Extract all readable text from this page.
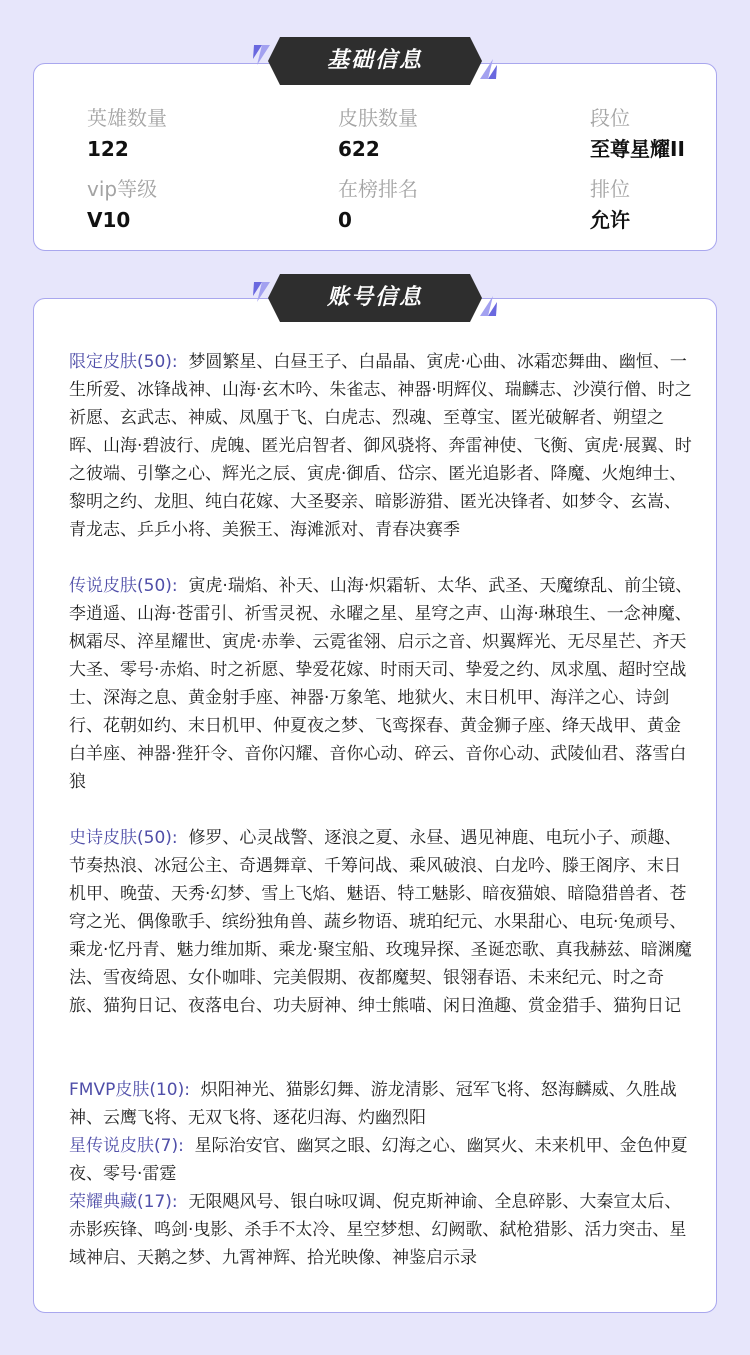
基础信息
英雄数量
122
皮肤数量
622
段位
至尊星耀II
vip等级
V10
在榜排名
0
排位
允许
账号信息
限定皮肤(50): 梦圆繁星、白昼王子、白晶晶、寅虎·心曲、冰霜恋舞曲、幽恒、一生所爱、冰锋战神、山海·玄木吟、朱雀志、神器·明辉仪、瑞麟志、沙漠行僧、时之祈愿、玄武志、神威、凤凰于飞、白虎志、烈魂、至尊宝、匿光破解者、朔望之晖、山海·碧波行、虎魄、匿光启智者、御风骁将、奔雷神使、飞衡、寅虎·展翼、时之彼端、引擎之心、辉光之辰、寅虎·御盾、岱宗、匿光追影者、降魔、火炮绅士、黎明之约、龙胆、纯白花嫁、大圣娶亲、暗影游猎、匿光决锋者、如梦令、玄嵩、青龙志、乒乒小将、美猴王、海滩派对、青春决赛季
传说皮肤(50): 寅虎·瑞焰、补天、山海·炽霜斩、太华、武圣、天魔缭乱、前尘镜、李逍遥、山海·苍雷引、祈雪灵祝、永曜之星、星穹之声、山海·琳琅生、一念神魔、枫霜尽、淬星耀世、寅虎·赤拳、云霓雀翎、启示之音、炽翼辉光、无尽星芒、齐天大圣、零号·赤焰、时之祈愿、挚爱花嫁、时雨天司、挚爱之约、凤求凰、超时空战士、深海之息、黄金射手座、神器·万象笔、地狱火、末日机甲、海洋之心、诗剑行、花朝如约、末日机甲、仲夏夜之梦、飞鸾探春、黄金狮子座、绛天战甲、黄金白羊座、神器·狴犴令、音你闪耀、音你心动、碎云、音你心动、武陵仙君、落雪白狼
史诗皮肤(50): 修罗、心灵战警、逐浪之夏、永昼、遇见神鹿、电玩小子、顽趣、节奏热浪、冰冠公主、奇遇舞章、千筹问战、乘风破浪、白龙吟、滕王阁序、末日机甲、晚萤、天秀·幻梦、雪上飞焰、魅语、特工魅影、暗夜猫娘、暗隐猎兽者、苍穹之光、偶像歌手、缤纷独角兽、蔬乡物语、琥珀纪元、水果甜心、电玩·兔顽号、乘龙·忆丹青、魅力维加斯、乘龙·聚宝船、玫瑰异探、圣诞恋歌、真我赫兹、暗渊魔法、雪夜绮恩、女仆咖啡、完美假期、夜都魔契、银翎春语、未来纪元、时之奇旅、猫狗日记、夜落电台、功夫厨神、绅士熊喵、闲日渔趣、赏金猎手、猫狗日记
FMVP皮肤(10): 炽阳神光、猫影幻舞、游龙清影、冠军飞将、怒海麟威、久胜战神、云鹰飞将、无双飞将、逐花归海、灼幽烈阳
星传说皮肤(7): 星际治安官、幽冥之眼、幻海之心、幽冥火、未来机甲、金色仲夏夜、零号·雷霆
荣耀典藏(17): 无限飓风号、银白咏叹调、倪克斯神谕、全息碎影、大秦宣太后、赤影疾锋、鸣剑·曳影、杀手不太冷、星空梦想、幻阙歌、弑枪猎影、活力突击、星域神启、天鹅之梦、九霄神辉、拾光映像、神鉴启示录
